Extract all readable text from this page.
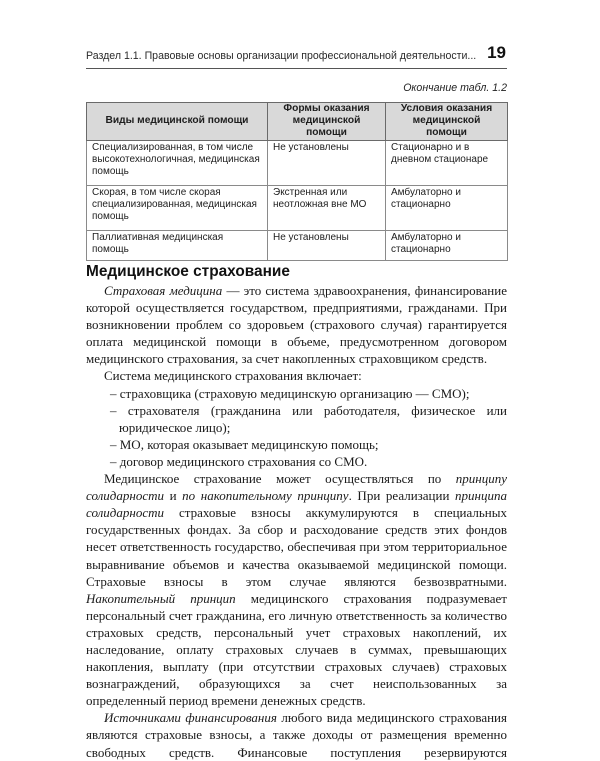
Раздел 1.1. Правовые основы организации профессиональной деятельности... 19
Окончание табл. 1.2
Виды медицинской помощи	Формы оказания медицинской помощи	Условия оказания медицинской помощи
Специализированная, в том числе высокотехнологичная, медицинская помощь	Не установлены	Стационарно и в дневном стационаре
Скорая, в том числе скорая специализированная, медицинская помощь	Экстренная или неотложная вне МО	Амбулаторно и стационарно
Паллиативная медицинская помощь	Не установлены	Амбулаторно и стационарно
Медицинское страхование

Страховая медицина — это система здравоохранения, финансирование которой осуществляется государством, предприятиями, гражданами. При возникновении проблем со здоровьем (страхового случая) гарантируется оплата медицинской помощи в объеме, предусмотренном договором медицинского страхования, за счет накопленных страховщиком средств.

Система медицинского страхования включает:

– страховщика (страховую медицинскую организацию — СМО);

– страхователя (гражданина или работодателя, физическое или юридическое лицо);

– МО, которая оказывает медицинскую помощь;

– договор медицинского страхования со СМО.

Медицинское страхование может осуществляться по принципу солидарности и по накопительному принципу. При реализации принципа солидарности страховые взносы аккумулируются в специальных государственных фондах. За сбор и расходование средств этих фондов несет ответственность государство, обеспечивая при этом территориальное выравнивание объемов и качества оказываемой медицинской помощи. Страховые взносы в этом случае являются безвозвратными. Накопительный принцип медицинского страхования подразумевает персональный счет гражданина, его личную ответственность за количество страховых средств, персональный учет страховых накоплений, их наследование, оплату страховых случаев в суммах, превышающих накопления, выплату (при отсутствии страховых случаев) страховых вознаграждений, образующихся за счет неиспользованных за определенный период времени денежных средств.

Источниками финансирования любого вида медицинского страхования являются страховые взносы, а также доходы от размещения временно свободных средств. Финансовые поступления резервируются
